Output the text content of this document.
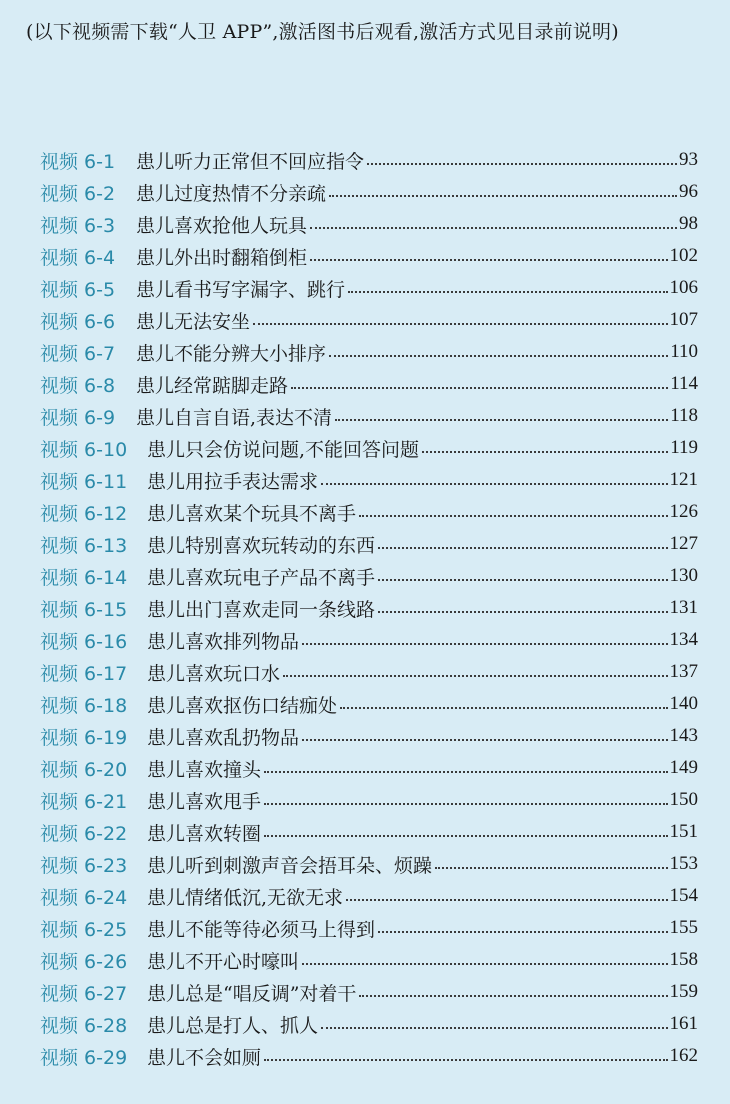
(以下视频需下载“人卫 APP”,激活图书后观看,激活方式见目录前说明)
视频 6-1	患儿听力正常但不回应指令	93
视频 6-2	患儿过度热情不分亲疏	96
视频 6-3	患儿喜欢抢他人玩具	98
视频 6-4	患儿外出时翻箱倒柜	102
视频 6-5	患儿看书写字漏字、跳行	106
视频 6-6	患儿无法安坐	107
视频 6-7	患儿不能分辨大小排序	110
视频 6-8	患儿经常踮脚走路	114
视频 6-9	患儿自言自语,表达不清	118
视频 6-10	患儿只会仿说问题,不能回答问题	119
视频 6-11	患儿用拉手表达需求	121
视频 6-12	患儿喜欢某个玩具不离手	126
视频 6-13	患儿特别喜欢玩转动的东西	127
视频 6-14	患儿喜欢玩电子产品不离手	130
视频 6-15	患儿出门喜欢走同一条线路	131
视频 6-16	患儿喜欢排列物品	134
视频 6-17	患儿喜欢玩口水	137
视频 6-18	患儿喜欢抠伤口结痂处	140
视频 6-19	患儿喜欢乱扔物品	143
视频 6-20	患儿喜欢撞头	149
视频 6-21	患儿喜欢甩手	150
视频 6-22	患儿喜欢转圈	151
视频 6-23	患儿听到刺激声音会捂耳朵、烦躁	153
视频 6-24	患儿情绪低沉,无欲无求	154
视频 6-25	患儿不能等待必须马上得到	155
视频 6-26	患儿不开心时嚎叫	158
视频 6-27	患儿总是“唱反调”对着干	159
视频 6-28	患儿总是打人、抓人	161
视频 6-29	患儿不会如厕	162
